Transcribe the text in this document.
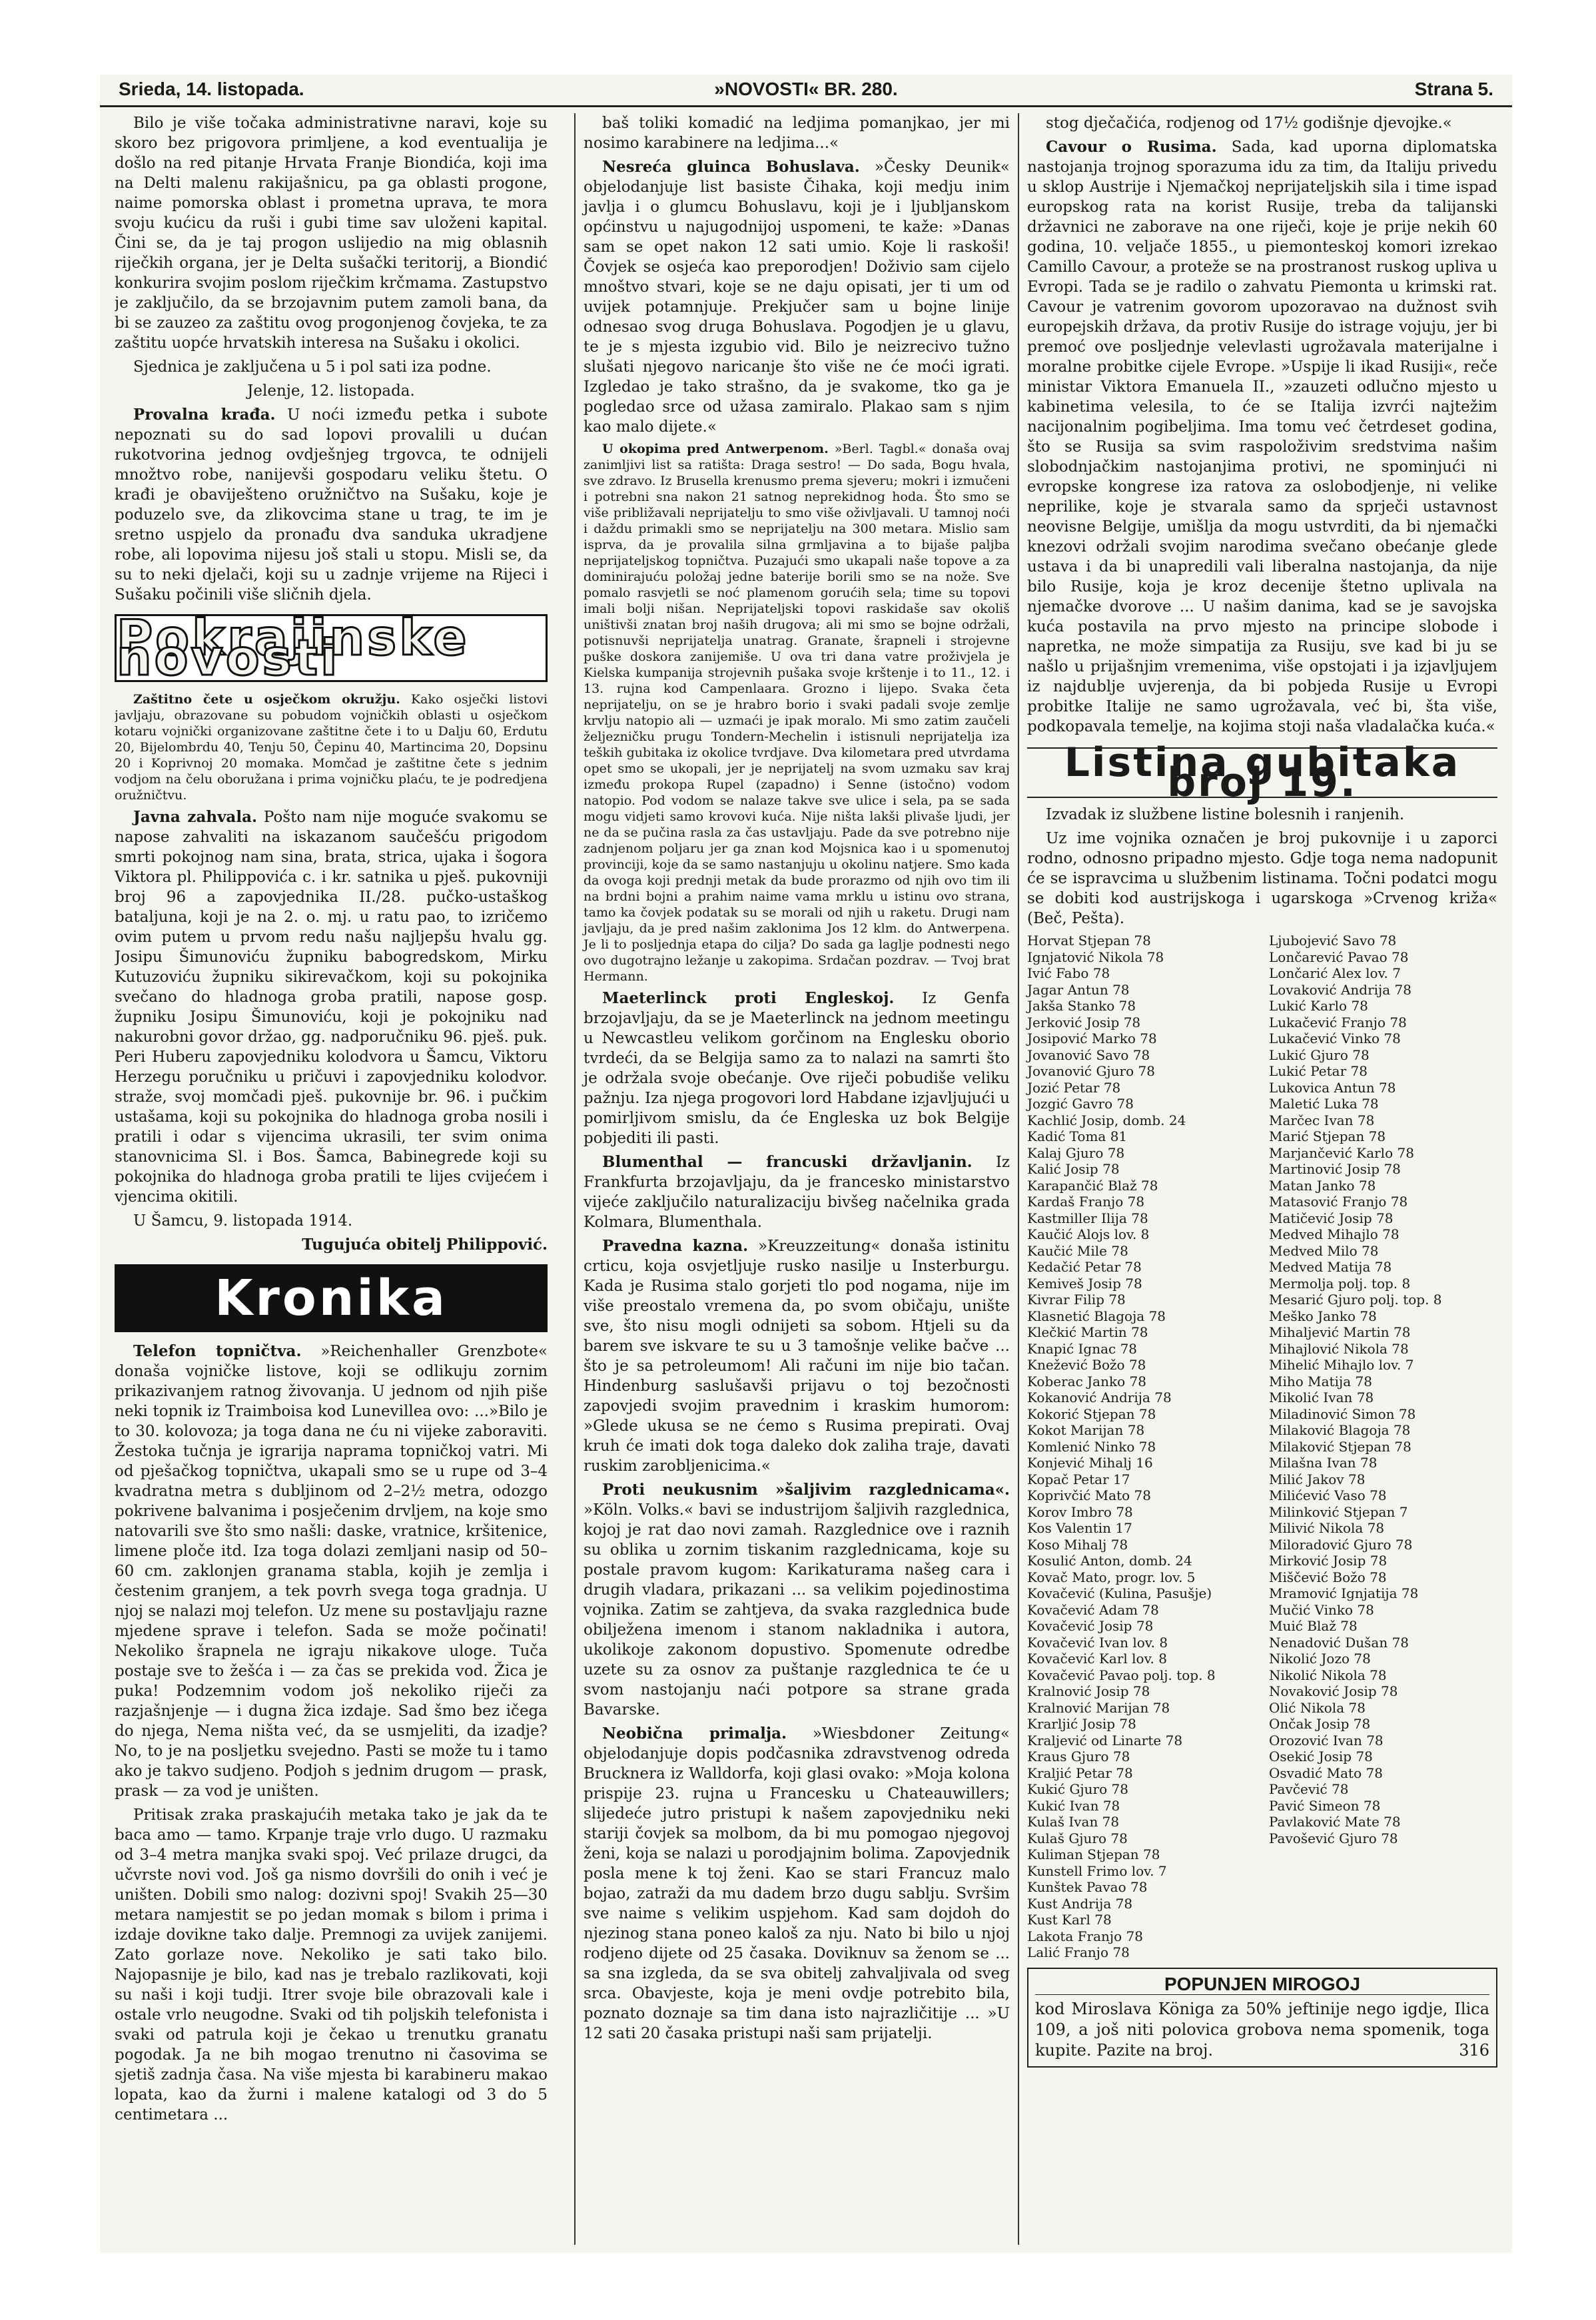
Srieda, 14. listopada.	»NOVOSTI« BR. 280.	Strana 5.

Bilo je više točaka administrativne naravi, koje su skoro bez prigovora primljene, a kod eventualija je došlo na red pitanje Hrvata Franje Biondića, koji ima na Delti malenu rakijašnicu, pa ga oblasti progone, naime pomorska oblast i prometna uprava, te mora svoju kućicu da ruši i gubi time sav uloženi kapital. Čini se, da je taj progon uslijedio na mig oblasnih riječkih organa, jer je Delta sušački teritorij, a Biondić konkurira svojim poslom riječkim krčmama. Zastupstvo je zaključilo, da se brzojavnim putem zamoli bana, da bi se zauzeo za zaštitu ovog progonjenog čovjeka, te za zaštitu uopće hrvatskih interesa na Sušaku i okolici.

Sjednica je zaključena u 5 i pol sati iza podne.

Jelenje, 12. listopada.

Provalna krađa. U noći između petka i subote nepoznati su do sad lopovi provalili u dućan rukotvorina jednog ovdješnjeg trgovca, te odnijeli množtvo robe, nanijevši gospodaru veliku štetu. O krađi je obaviješteno oružničtvo na Sušaku, koje je poduzelo sve, da zlikovcima stane u trag, te im je sretno uspjelo da pronađu dva sanduka ukradjene robe, ali lopovima nijesu još stali u stopu. Misli se, da su to neki djelači, koji su u zadnje vrijeme na Rijeci i Sušaku počinili više sličnih djela.

Pokrajinske novosti

Zaštitno čete u osječkom okružju. Kako osječki listovi javljaju, obrazovane su pobudom vojničkih oblasti u osječkom kotaru vojnički organizovane zaštitne čete i to u Dalju 60, Erdutu 20, Bijelombrdu 40, Tenju 50, Čepinu 40, Martincima 20, Dopsinu 20 i Koprivnoj 20 momaka. Momčad je zaštitne čete s jednim vodjom na čelu oboružana i prima vojničku plaću, te je podredjena oružničtvu.

Javna zahvala. Pošto nam nije moguće svakomu se napose zahvaliti na iskazanom saučešću prigodom smrti pokojnog nam sina, brata, strica, ujaka i šogora Viktora pl. Philippovića c. i kr. satnika u pješ. pukovniji broj 96 a zapovjednika II./28. pučko-ustaškog bataljuna, koji je na 2. o. mj. u ratu pao, to izričemo ovim putem u prvom redu našu najljepšu hvalu gg. Josipu Šimunoviću župniku babogredskom, Mirku Kutuzoviću župniku sikirevačkom, koji su pokojnika svečano do hladnoga groba pratili, napose gosp. župniku Josipu Šimunoviću, koji je pokojniku nad nakurobni govor držao, gg. nadporučniku 96. pješ. puk. Peri Huberu zapovjedniku kolodvora u Šamcu, Viktoru Herzegu poručniku u pričuvi i zapovjedniku kolodvor. straže, svoj momčadi pješ. pukovnije br. 96. i pučkim ustašama, koji su pokojnika do hladnoga groba nosili i pratili i odar s vijencima ukrasili, ter svim onima stanovnicima Sl. i Bos. Šamca, Babinegrede koji su pokojnika do hladnoga groba pratili te lijes cvijećem i vjencima okitili.

U Šamcu, 9. listopada 1914.

Tugujuća obitelj Philippović.

Kronika

Telefon topničtva. »Reichenhaller Grenzbote« donaša vojničke listove, koji se odlikuju zornim prikazivanjem ratnog živovanja. U jednom od njih piše neki topnik iz Traimboisa kod Lunevillea ovo: ...»Bilo je to 30. kolovoza; ja toga dana ne ću ni vijeke zaboraviti. Žestoka tučnja je igrarija naprama topničkoj vatri. Mi od pješačkog topničtva, ukapali smo se u rupe od 3–4 kvadratna metra s dubljinom od 2–2½ metra, odozgo pokrivene balvanima i posječenim drvljem, na koje smo natovarili sve što smo našli: daske, vratnice, kršitenice, limene ploče itd. Iza toga dolazi zemljani nasip od 50–60 cm. zaklonjen granama stabla, kojih je zemlja i čestenim granjem, a tek povrh svega toga gradnja. U njoj se nalazi moj telefon. Uz mene su postavljaju razne mjedene sprave i telefon. Sada se može počinati! Nekoliko šrapnela ne igraju nikakove uloge. Tuča postaje sve to žešća i — za čas se prekida vod. Žica je puka! Podzemnim vodom još nekoliko riječi za razjašnjenje — i dugna žica izdaje. Sad šmo bez ičega do njega, Nema ništa već, da se usmjeliti, da izadje? No, to je na posljetku svejedno. Pasti se može tu i tamo ako je takvo sudjeno. Podjoh s jednim drugom — prask, prask — za vod je uništen.

Pritisak zraka praskajućih metaka tako je jak da te baca amo — tamo. Krpanje traje vrlo dugo. U razmaku od 3–4 metra manjka svaki spoj. Već prilaze drugci, da učvrste novi vod. Još ga nismo dovršili do onih i već je uništen. Dobili smo nalog: dozivni spoj! Svakih 25—30 metara namjestit se po jedan momak s bilom i prima i izdaje dovikne tako dalje. Premnogi za uvijek zanijemi. Zato gorlaze nove. Nekoliko je sati tako bilo. Najopasnije je bilo, kad nas je trebalo razlikovati, koji su naši i koji tudji. Itrer svoje bile obrazovali kale i ostale vrlo neugodne. Svaki od tih poljskih telefonista i svaki od patrula koji je čekao u trenutku granatu pogodak. Ja ne bih mogao trenutno ni časovima se sjetiš zadnja časa. Na više mjesta bi karabineru makao lopata, kao da žurni i malene katalogi od 3 do 5 centimetara ...

baš toliki komadić na ledjima pomanjkao, jer mi nosimo karabinere na ledjima...«

Nesreća gluinca Bohuslava. »Česky Deunik« objelodanjuje list basiste Čihaka, koji medju inim javlja i o glumcu Bohuslavu, koji je i ljubljanskom općinstvu u najugodnijoj uspomeni, te kaže: »Danas sam se opet nakon 12 sati umio. Koje li raskoši! Čovjek se osjeća kao preporodjen! Doživio sam cijelo mnoštvo stvari, koje se ne daju opisati, jer ti um od uvijek potamnjuje. Prekjučer sam u bojne linije odnesao svog druga Bohuslava. Pogodjen je u glavu, te je s mjesta izgubio vid. Bilo je neizrecivo tužno slušati njegovo naricanje što više ne će moći igrati. Izgledao je tako strašno, da je svakome, tko ga je pogledao srce od užasa zamiralo. Plakao sam s njim kao malo dijete.«

U okopima pred Antwerpenom. »Berl. Tagbl.« donaša ovaj zanimljivi list sa ratišta: Draga sestro! — Do sada, Bogu hvala, sve zdravo. Iz Brusella krenusmo prema sjeveru; mokri i izmučeni i potrebni sna nakon 21 satnog neprekidnog hoda. Što smo se više približavali neprijatelju to smo više oživljavali. U tamnoj noći i daždu primakli smo se neprijatelju na 300 metara. Mislio sam isprva, da je provalila silna grmljavina a to bijaše paljba neprijateljskog topničtva. Puzajući smo ukapali naše topove a za dominirajuću položaj jedne baterije borili smo se na nože. Sve pomalo rasvjetli se noć plamenom gorućih sela; time su topovi imali bolji nišan. Neprijateljski topovi raskidaše sav okoliš uništivši znatan broj naših drugova; ali mi smo se bojne održali, potisnuvši neprijatelja unatrag. Granate, šrapneli i strojevne puške doskora zanijemiše. U ova tri dana vatre proživjela je Kielska kumpanija strojevnih pušaka svoje krštenje i to 11., 12. i 13. rujna kod Campenlaara. Grozno i lijepo. Svaka četa neprijatelju, on se je hrabro borio i svaki padali svoje zemlje krvlju natopio ali — uzmaći je ipak moralo. Mi smo zatim zaučeli željezničku prugu Tondern-Mechelin i istisnuli neprijatelja iza teških gubitaka iz okolice tvrdjave. Dva kilometara pred utvrdama opet smo se ukopali, jer je neprijatelj na svom uzmaku sav kraj između prokopa Rupel (zapadno) i Senne (istočno) vodom natopio. Pod vodom se nalaze takve sve ulice i sela, pa se sada mogu vidjeti samo krovovi kuća. Nije ništa lakši plivaše ljudi, jer ne da se pučina rasla za čas ustavljaju. Pade da sve potrebno nije zadnjenom poljaru jer ga znan kod Mojsnica kao i u spomenutoj provinciji, koje da se samo nastanjuju u okolinu natjere. Smo kada da ovoga koji prednji metak da bude prorazmo od njih ovo tim ili na brdni bojni a prahim naime vama mrklu u istinu ovo strana, tamo ka čovjek podatak su se morali od njih u raketu. Drugi nam javljaju, da je pred našim zaklonima Jos 12 klm. do Antwerpena. Je li to posljednja etapa do cilja? Do sada ga laglje podnesti nego ovo dugotrajno ležanje u zakopima. Srdačan pozdrav. — Tvoj brat Hermann.

Maeterlinck proti Engleskoj. Iz Genfa brzojavljaju, da se je Maeterlinck na jednom meetingu u Newcastleu velikom gorčinom na Englesku oborio tvrdeći, da se Belgija samo za to nalazi na samrti što je održala svoje obećanje. Ove riječi pobudiše veliku pažnju. Iza njega progovori lord Habdane izjavljujući u pomirljivom smislu, da će Engleska uz bok Belgije pobjediti ili pasti.

Blumenthal — francuski državljanin. Iz Frankfurta brzojavljaju, da je francesko ministarstvo vijeće zaključilo naturalizaciju bivšeg načelnika grada Kolmara, Blumenthala.

Pravedna kazna. »Kreuzzeitung« donaša istinitu crticu, koja osvjetljuje rusko nasilje u Insterburgu. Kada je Rusima stalo gorjeti tlo pod nogama, nije im više preostalo vremena da, po svom običaju, unište sve, što nisu mogli odnijeti sa sobom. Htjeli su da barem sve iskvare te su u 3 tamošnje velike bačve ... što je sa petroleumom! Ali računi im nije bio tačan. Hindenburg saslušavši prijavu o toj bezočnosti zapovjedi svojim pravednim i kraskim humorom: »Glede ukusa se ne ćemo s Rusima prepirati. Ovaj kruh će imati dok toga daleko dok zaliha traje, davati ruskim zarobljenicima.«

Proti neukusnim »šaljivim razglednicama«. »Köln. Volks.« bavi se industrijom šaljivih razglednica, kojoj je rat dao novi zamah. Razglednice ove i raznih su oblika u zornim tiskanim razglednicama, koje su postale pravom kugom: Karikaturama našeg cara i drugih vladara, prikazani ... sa velikim pojedinostima vojnika. Zatim se zahtjeva, da svaka razglednica bude obilježena imenom i stanom nakladnika i autora, ukolikoje zakonom dopustivo. Spomenute odredbe uzete su za osnov za puštanje razglednica te će u svom nastojanju naći potpore sa strane grada Bavarske.

Neobična primalja. »Wiesbdoner Zeitung« objelodanjuje dopis podčasnika zdravstvenog odreda Brucknera iz Walldorfa, koji glasi ovako: »Moja kolona prispije 23. rujna u Francesku u Chateauwillers; slijedeće jutro pristupi k našem zapovjedniku neki stariji čovjek sa molbom, da bi mu pomogao njegovoj ženi, koja se nalazi u porodjajnim bolima. Zapovjednik posla mene k toj ženi. Kao se stari Francuz malo bojao, zatraži da mu dadem brzo dugu sablju. Svršim sve naime s velikim uspjehom. Kad sam dojdoh do njezinog stana poneo kaloš za nju. Nato bi bilo u njoj rodjeno dijete od 25 časaka. Doviknuv sa ženom se ... sa sna izgleda, da se sva obitelj zahvaljivala od sveg srca. Obavjeste, koja je meni ovdje potrebito bila, poznato doznaje sa tim dana isto najrazličitije ... »U 12 sati 20 časaka pristupi naši sam prijatelji.

stog dječačića, rodjenog od 17½ godišnje djevojke.«

Cavour o Rusima. Sada, kad uporna diplomatska nastojanja trojnog sporazuma idu za tim, da Italiju privedu u sklop Austrije i Njemačkoj neprijateljskih sila i time ispad europskog rata na korist Rusije, treba da talijanski državnici ne zaborave na one riječi, koje je prije nekih 60 godina, 10. veljače 1855., u piemonteskoj komori izrekao Camillo Cavour, a proteže se na prostranost ruskog upliva u Evropi. Tada se je radilo o zahvatu Piemonta u krimski rat. Cavour je vatrenim govorom upozoravao na dužnost svih europejskih država, da protiv Rusije do istrage vojuju, jer bi premoć ove posljednje velevlasti ugrožavala materijalne i moralne probitke cijele Evrope. »Uspije li ikad Rusiji«, reče ministar Viktora Emanuela II., »zauzeti odlučno mjesto u kabinetima velesila, to će se Italija izvrći najtežim nacijonalnim pogibeljima. Ima tomu već četrdeset godina, što se Rusija sa svim raspoloživim sredstvima našim slobodnjačkim nastojanjima protivi, ne spominjući ni evropske kongrese iza ratova za oslobodjenje, ni velike neprilike, koje je stvarala samo da sprječi ustavnost neovisne Belgije, umišlja da mogu ustvrditi, da bi njemački knezovi održali svojim narodima svečano obećanje glede ustava i da bi unapredili vali liberalna nastojanja, da nije bilo Rusije, koja je kroz decenije štetno uplivala na njemačke dvorove ... U našim danima, kad se je savojska kuća postavila na prvo mjesto na principe slobode i napretka, ne može simpatija za Rusiju, sve kad bi ju se našlo u prijašnjim vremenima, više opstojati i ja izjavljujem iz najdublje uvjerenja, da bi pobjeda Rusije u Evropi probitke Italije ne samo ugrožavala, već bi, šta više, podkopavala temelje, na kojima stoji naša vladalačka kuća.«

Listina gubitaka broj 19.

Izvadak iz službene listine bolesnih i ranjenih.

Uz ime vojnika označen je broj pukovnije i u zaporci rodno, odnosno pripadno mjesto. Gdje toga nema nadopunit će se ispravcima u službenim listinama. Točni podatci mogu se dobiti kod austrijskoga i ugarskoga »Crvenog križa« (Beč, Pešta).

Horvat Stjepan 78
Ignjatović Nikola 78
Ivić Fabo 78
Jagar Antun 78
Jakša Stanko 78
Jerković Josip 78
Josipović Marko 78
Jovanović Savo 78
Jovanović Gjuro 78
Jozić Petar 78
Jozgić Gavro 78
Kachlić Josip, domb. 24
Kadić Toma 81
Kalaj Gjuro 78
Kalić Josip 78
Karapančić Blaž 78
Kardaš Franjo 78
Kastmiller Ilija 78
Kaučić Alojs lov. 8
Kaučić Mile 78
Kedačić Petar 78
Kemiveš Josip 78
Kivrar Filip 78
Klasnetić Blagoja 78
Klečkić Martin 78
Knapić Ignac 78
Knežević Božo 78
Koberac Janko 78
Kokanović Andrija 78
Kokorić Stjepan 78
Kokot Marijan 78
Komlenić Ninko 78
Konjević Mihalj 16
Kopač Petar 17
Koprivčić Mato 78
Korov Imbro 78
Kos Valentin 17
Koso Mihalj 78
Kosulić Anton, domb. 24
Kovač Mato, progr. lov. 5
Kovačević (Kulina, Pasušje)
Kovačević Adam 78
Kovačević Josip 78
Kovačević Ivan lov. 8
Kovačević Karl lov. 8
Kovačević Pavao polj. top. 8
Kralnović Josip 78
Kralnović Marijan 78
Krarljić Josip 78
Kraljević od Linarte 78
Kraus Gjuro 78
Kraljić Petar 78
Kukić Gjuro 78
Kukić Ivan 78
Kulaš Ivan 78
Kulaš Gjuro 78
Kuliman Stjepan 78
Kunstell Frimo lov. 7
Kunštek Pavao 78
Kust Andrija 78
Kust Karl 78
Lakota Franjo 78
Lalić Franjo 78
Ljubojević Savo 78
Lončarević Pavao 78
Lončarić Alex lov. 7
Lovaković Andrija 78
Lukić Karlo 78
Lukačević Franjo 78
Lukačević Vinko 78
Lukić Gjuro 78
Lukić Petar 78
Lukovica Antun 78
Maletić Luka 78
Marčec Ivan 78
Marić Stjepan 78
Marjančević Karlo 78
Martinović Josip 78
Matan Janko 78
Matasović Franjo 78
Matičević Josip 78
Medved Mihajlo 78
Medved Milo 78
Medved Matija 78
Mermolja polj. top. 8
Mesarić Gjuro polj. top. 8
Meško Janko 78
Mihaljević Martin 78
Mihajlović Nikola 78
Mihelić Mihajlo lov. 7
Miho Matija 78
Mikolić Ivan 78
Miladinović Simon 78
Milaković Blagoja 78
Milaković Stjepan 78
Milašna Ivan 78
Milić Jakov 78
Milićević Vaso 78
Milinković Stjepan 7
Milivić Nikola 78
Miloradović Gjuro 78
Mirković Josip 78
Miščević Božo 78
Mramović Ignjatija 78
Mučić Vinko 78
Muić Blaž 78
Nenadović Dušan 78
Nikolić Jozo 78
Nikolić Nikola 78
Novaković Josip 78
Olić Nikola 78
Ončak Josip 78
Orozović Ivan 78
Osekić Josip 78
Osvadić Mato 78
Pavčević 78
Pavić Simeon 78
Pavlaković Mate 78
Pavošević Gjuro 78
POPUNJEN MIROGOJ
kod Miroslava Königa za 50% jeftinije nego igdje, Ilica 109, a još niti polovica grobova nema spomenik, toga kupite. Pazite na broj.	316
